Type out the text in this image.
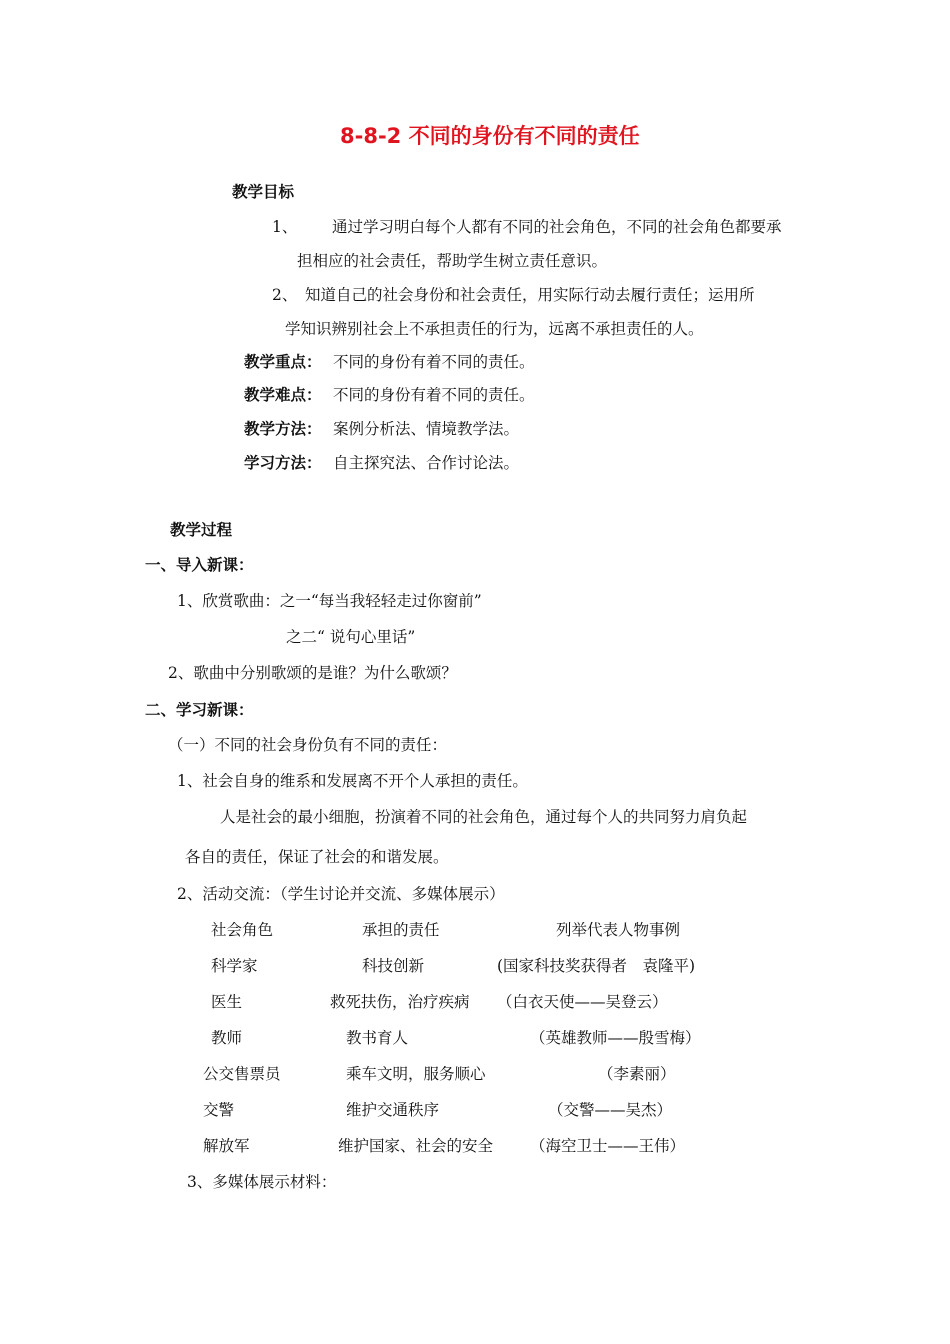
8-8-2 不同的身份有不同的责任
教学目标
1、 通过学习明白每个人都有不同的社会角色，不同的社会角色都要承
担相应的社会责任，帮助学生树立责任意识。
2、 知道自己的社会身份和社会责任，用实际行动去履行责任；运用所
学知识辨别社会上不承担责任的行为，远离不承担责任的人。
教学重点： 不同的身份有着不同的责任。
教学难点： 不同的身份有着不同的责任。
教学方法： 案例分析法、情境教学法。
学习方法： 自主探究法、合作讨论法。
教学过程
一、导入新课：
1、欣赏歌曲：之一“每当我轻轻走过你窗前”
之二“ 说句心里话”
2、歌曲中分别歌颂的是谁？为什么歌颂？
二、学习新课：
（一）不同的社会身份负有不同的责任：
1、社会自身的维系和发展离不开个人承担的责任。
人是社会的最小细胞，扮演着不同的社会角色，通过每个人的共同努力肩负起
各自的责任，保证了社会的和谐发展。
2、活动交流：（学生讨论并交流、多媒体展示）
社会角色	承担的责任	列举代表人物事例
科学家	科技创新	(国家科技奖获得者　袁隆平)
医生	救死扶伤，治疗疾病 （白衣天使——吴登云）
教师	教书育人	（英雄教师——殷雪梅）
公交售票员	乘车文明，服务顺心	（李素丽）
交警	维护交通秩序	（交警——吴杰）
解放军	维护国家、社会的安全 （海空卫士——王伟）
3、多媒体展示材料：
